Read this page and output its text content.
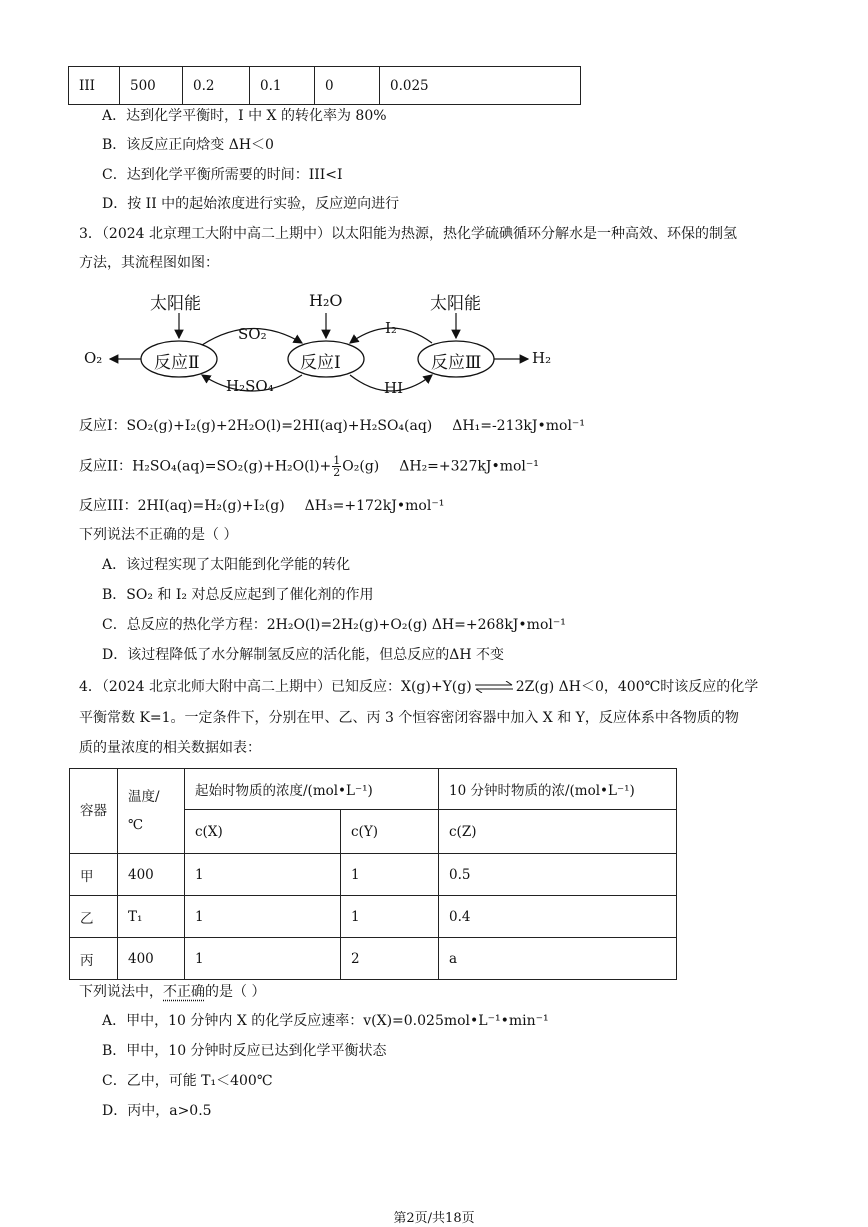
III	500	0.2	0.1	0	0.025
A．达到化学平衡时，I 中 X 的转化率为 80%
B．该反应正向焓变 ΔH＜0
C．达到化学平衡所需要的时间：III<I
D．按 II 中的起始浓度进行实验，反应逆向进行
3．（2024 北京理工大附中高二上期中）以太阳能为热源，热化学硫碘循环分解水是一种高效、环保的制氢
方法，其流程图如图：
太阳能	H₂O	太阳能
反应Ⅱ	反应Ⅰ	反应Ⅲ
O₂	H₂
SO₂
H₂SO₄
I₂
HI
反应I：SO₂(g)+I₂(g)+2H₂O(l)=2HI(aq)+H₂SO₄(aq) ΔH₁=-213kJ•mol⁻¹
反应II：$H_2SO_4(aq)=SO_2(g)+H_2O(l)+ \frac{1}{2} O_2(g)$ ΔH₂=+327kJ•mol⁻¹
反应III：2HI(aq)=H₂(g)+I₂(g) ΔH₃=+172kJ•mol⁻¹
下列说法不正确的是（ ）
A．该过程实现了太阳能到化学能的转化
B．SO₂ 和 I₂ 对总反应起到了催化剂的作用
C．总反应的热化学方程：2H₂O(l)=2H₂(g)+O₂(g) ΔH=+268kJ•mol⁻¹
D．该过程降低了水分解制氢反应的活化能，但总反应的ΔH 不变
4．（2024 北京北师大附中高二上期中）已知反应：X(g)+Y(g) ⇌ 2Z(g) ΔH＜0，400℃时该反应的化学
平衡常数 K=1。一定条件下，分别在甲、乙、丙 3 个恒容密闭容器中加入 X 和 Y，反应体系中各物质的物
质的量浓度的相关数据如表：
容器	温度/℃	起始时物质的浓度/(mol•L⁻¹)		10 分钟时物质的浓/(mol•L⁻¹)
		c(X)	c(Y)	c(Z)
甲	400	1	1	0.5
乙	T₁	1	1	0.4
丙	400	1	2	a
下列说法中，不正确的是（ ）
A．甲中，10 分钟内 X 的化学反应速率：v(X)=0.025mol•L⁻¹•min⁻¹
B．甲中，10 分钟时反应已达到化学平衡状态
C．乙中，可能 T₁＜400℃
D．丙中，a>0.5
第2页/共18页
